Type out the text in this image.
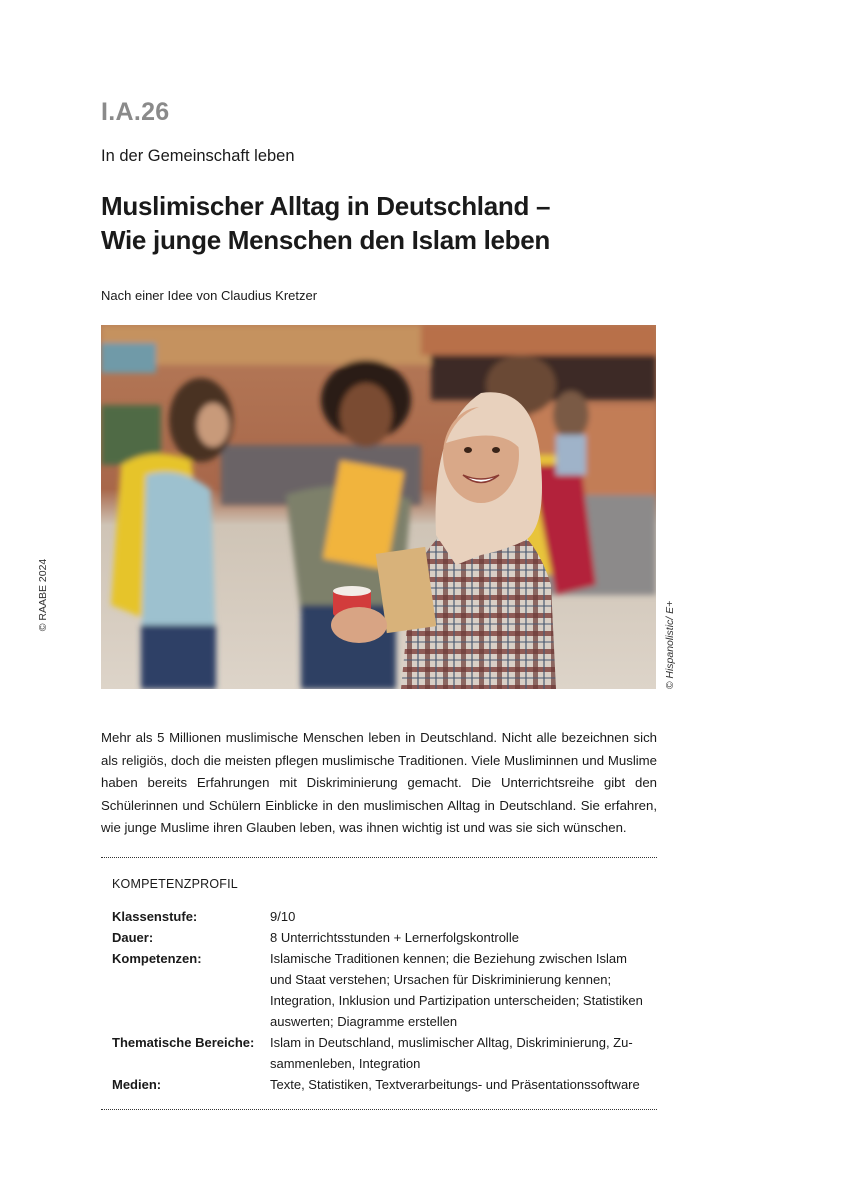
I.A.26
In der Gemeinschaft leben
Muslimischer Alltag in Deutschland –
Wie junge Menschen den Islam leben
Nach einer Idee von Claudius Kretzer
© RAABE 2024
© Hispanolistic/ E+

Mehr als 5 Millionen muslimische Menschen leben in Deutschland. Nicht alle bezeichnen sich als religiös, doch die meisten pflegen muslimische Traditionen. Viele Musliminnen und Muslime haben bereits Erfahrungen mit Diskriminierung gemacht. Die Unterrichtsreihe gibt den Schülerinnen und Schülern Einblicke in den muslimischen Alltag in Deutschland. Sie erfahren, wie junge Muslime ihren Glauben leben, was ihnen wichtig ist und was sie sich wünschen.

KOMPETENZPROFIL
Klassenstufe:	9/10
Dauer:	8 Unterrichtsstunden + Lernerfolgskontrolle
Kompetenzen:	Islamische Traditionen kennen; die Beziehung zwischen Islam und Staat verstehen; Ursachen für Diskriminierung kennen; Integration, Inklusion und Partizipation unterscheiden; Statistiken auswerten; Diagramme erstellen
Thematische Bereiche:	Islam in Deutschland, muslimischer Alltag, Diskriminierung, Zusammenleben, Integration
Medien:	Texte, Statistiken, Textverarbeitungs- und Präsentationssoftware
